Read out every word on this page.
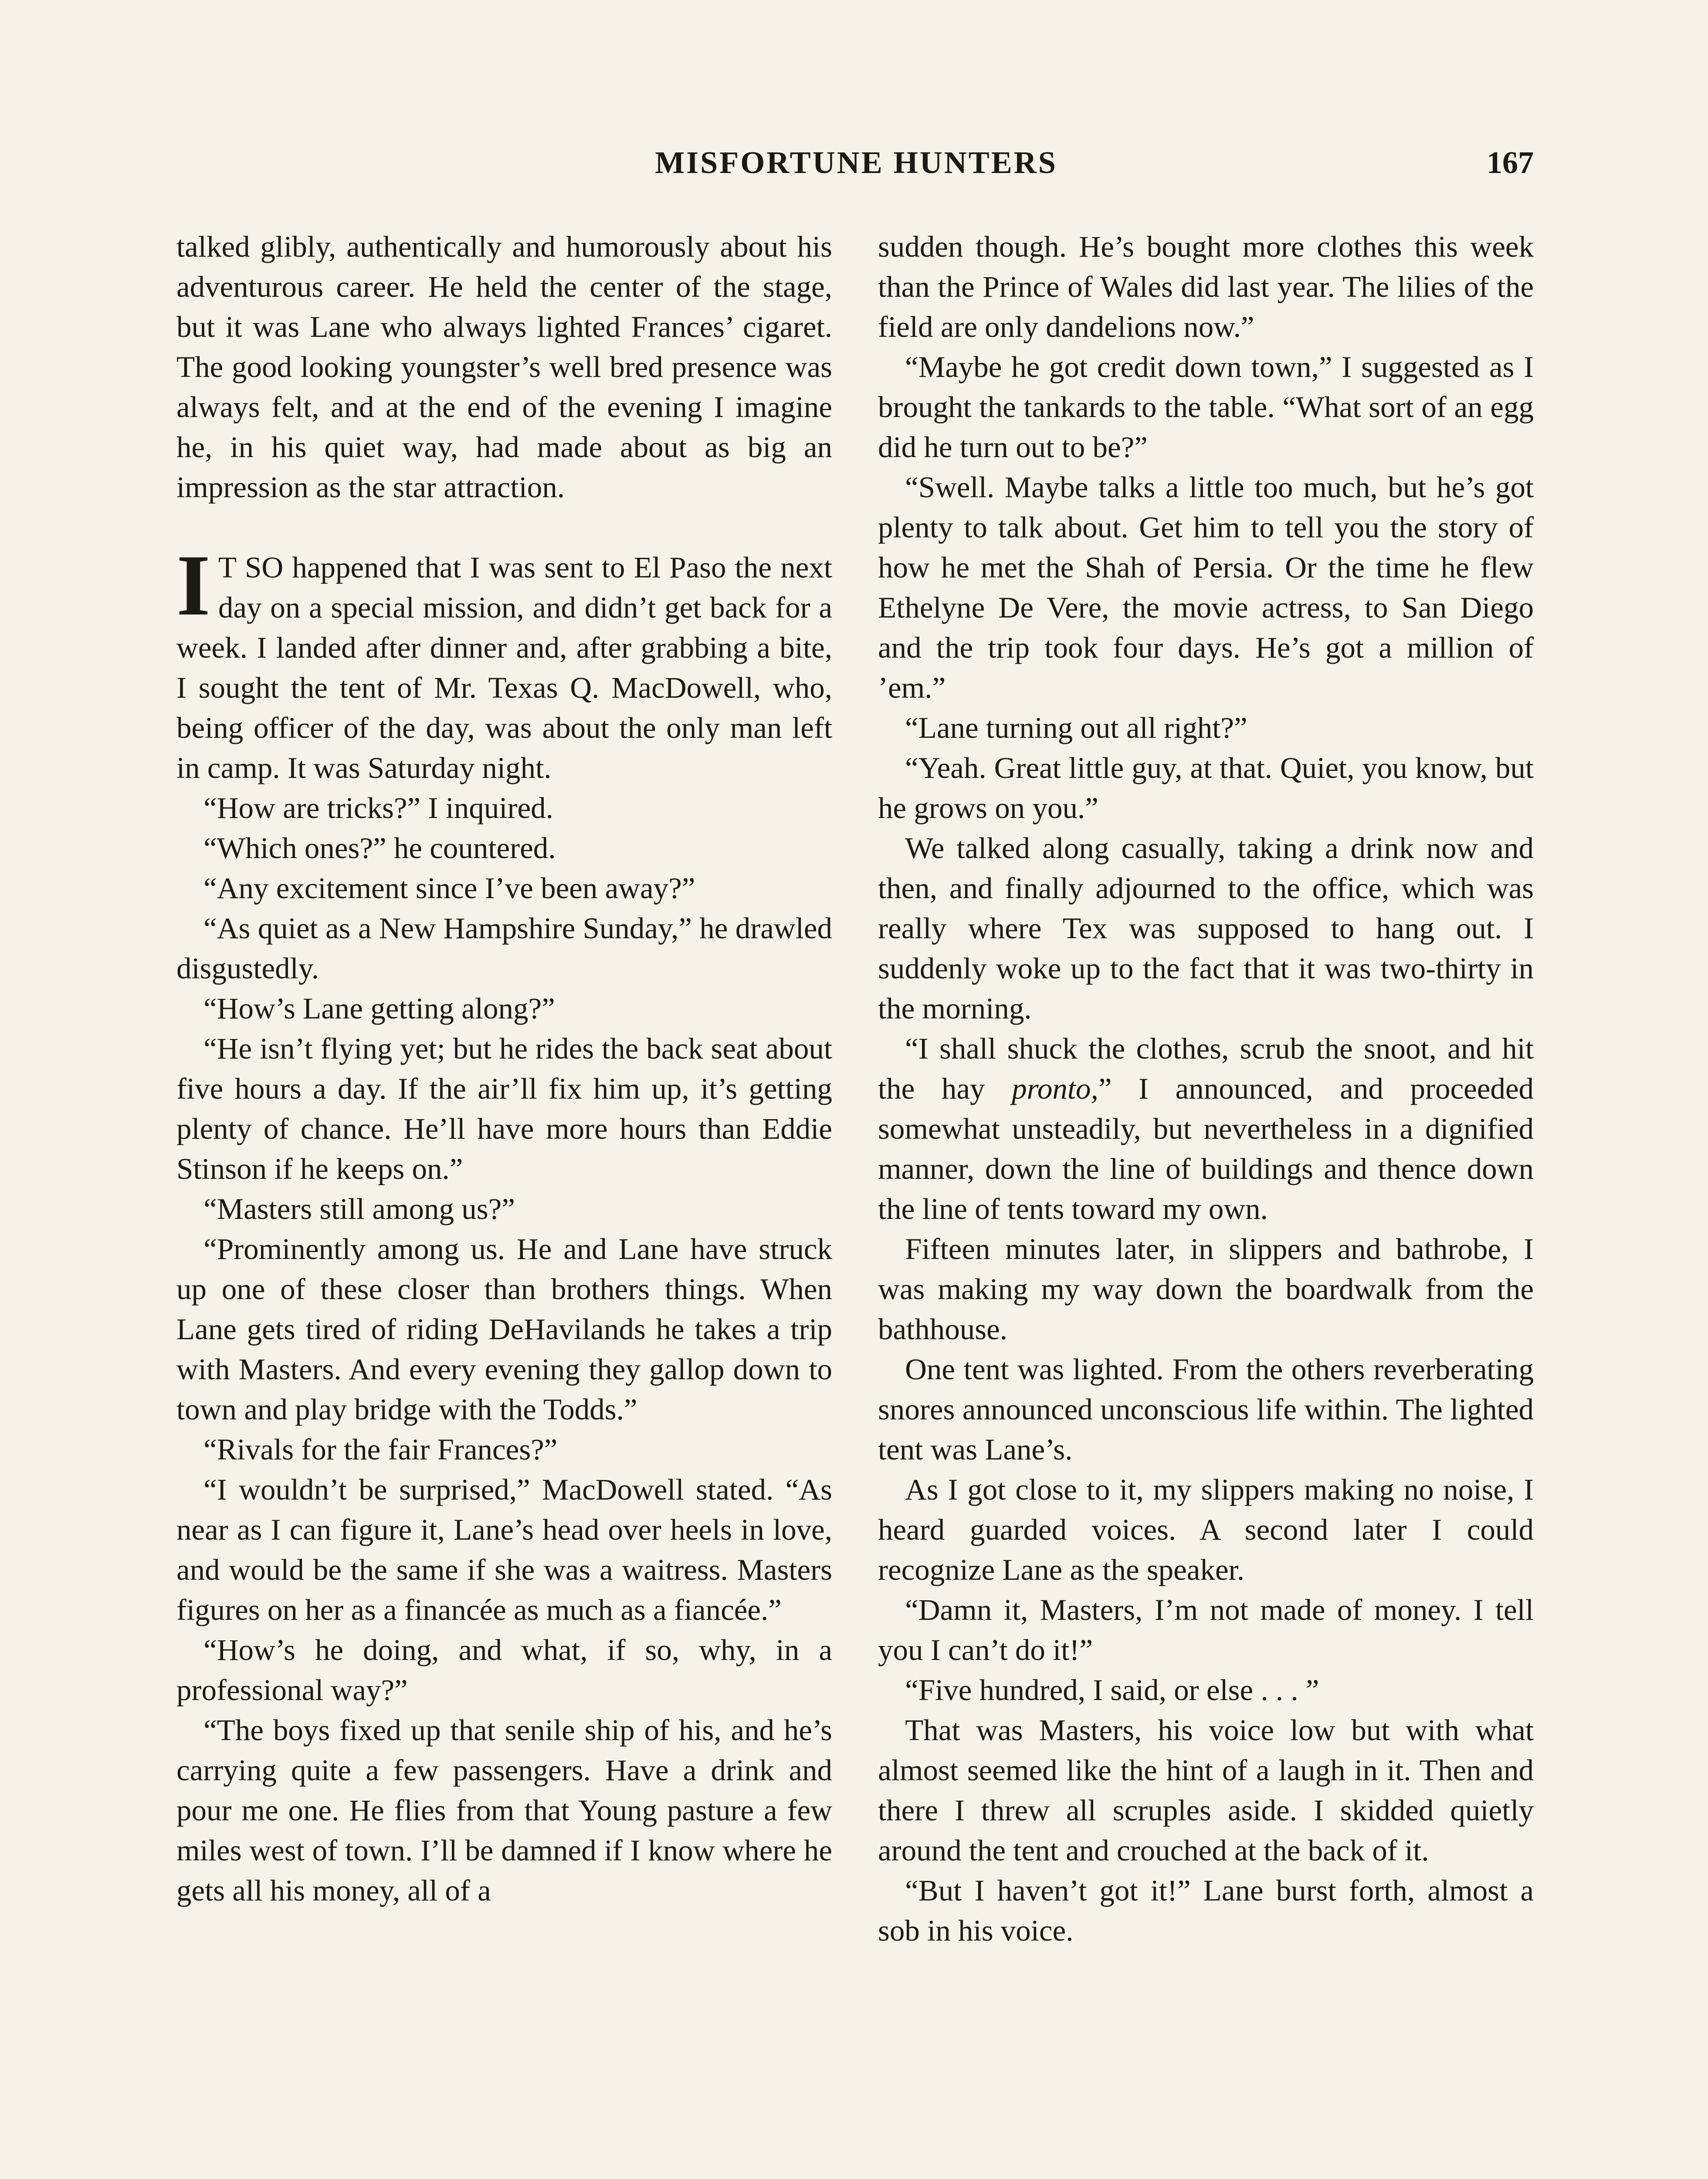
MISFORTUNE HUNTERS	167

talked glibly, authentically and humorously about his adventurous career. He held the center of the stage, but it was Lane who always lighted Frances’ cigaret. The good looking youngster’s well bred presence was always felt, and at the end of the evening I imagine he, in his quiet way, had made about as big an impression as the star attraction.

I T SO happened that I was sent to El Paso the next day on a special mission, and didn’t get back for a week. I landed after dinner and, after grabbing a bite, I sought the tent of Mr. Texas Q. MacDowell, who, being officer of the day, was about the only man left in camp. It was Saturday night.

“How are tricks?” I inquired.

“Which ones?” he countered.

“Any excitement since I’ve been away?”

“As quiet as a New Hampshire Sunday,” he drawled disgustedly.

“How’s Lane getting along?”

“He isn’t flying yet; but he rides the back seat about five hours a day. If the air’ll fix him up, it’s getting plenty of chance. He’ll have more hours than Eddie Stinson if he keeps on.”

“Masters still among us?”

“Prominently among us. He and Lane have struck up one of these closer than brothers things. When Lane gets tired of riding DeHavilands he takes a trip with Masters. And every evening they gallop down to town and play bridge with the Todds.”

“Rivals for the fair Frances?”

“I wouldn’t be surprised,” MacDowell stated. “As near as I can figure it, Lane’s head over heels in love, and would be the same if she was a waitress. Masters figures on her as a financée as much as a fiancée.”

“How’s he doing, and what, if so, why, in a professional way?”

“The boys fixed up that senile ship of his, and he’s carrying quite a few passengers. Have a drink and pour me one. He flies from that Young pasture a few miles west of town. I’ll be damned if I know where he gets all his money, all of a

sudden though. He’s bought more clothes this week than the Prince of Wales did last year. The lilies of the field are only dandelions now.”

“Maybe he got credit down town,” I suggested as I brought the tankards to the table. “What sort of an egg did he turn out to be?”

“Swell. Maybe talks a little too much, but he’s got plenty to talk about. Get him to tell you the story of how he met the Shah of Persia. Or the time he flew Ethelyne De Vere, the movie actress, to San Diego and the trip took four days. He’s got a million of ’em.”

“Lane turning out all right?”

“Yeah. Great little guy, at that. Quiet, you know, but he grows on you.”

We talked along casually, taking a drink now and then, and finally adjourned to the office, which was really where Tex was supposed to hang out. I suddenly woke up to the fact that it was two-thirty in the morning.

“I shall shuck the clothes, scrub the snoot, and hit the hay pronto,” I announced, and proceeded somewhat unsteadily, but nevertheless in a dignified manner, down the line of buildings and thence down the line of tents toward my own.

Fifteen minutes later, in slippers and bathrobe, I was making my way down the boardwalk from the bathhouse.

One tent was lighted. From the others reverberating snores announced unconscious life within. The lighted tent was Lane’s.

As I got close to it, my slippers making no noise, I heard guarded voices. A second later I could recognize Lane as the speaker.

“Damn it, Masters, I’m not made of money. I tell you I can’t do it!”

“Five hundred, I said, or else . . . ”

That was Masters, his voice low but with what almost seemed like the hint of a laugh in it. Then and there I threw all scruples aside. I skidded quietly around the tent and crouched at the back of it.

“But I haven’t got it!” Lane burst forth, almost a sob in his voice.
